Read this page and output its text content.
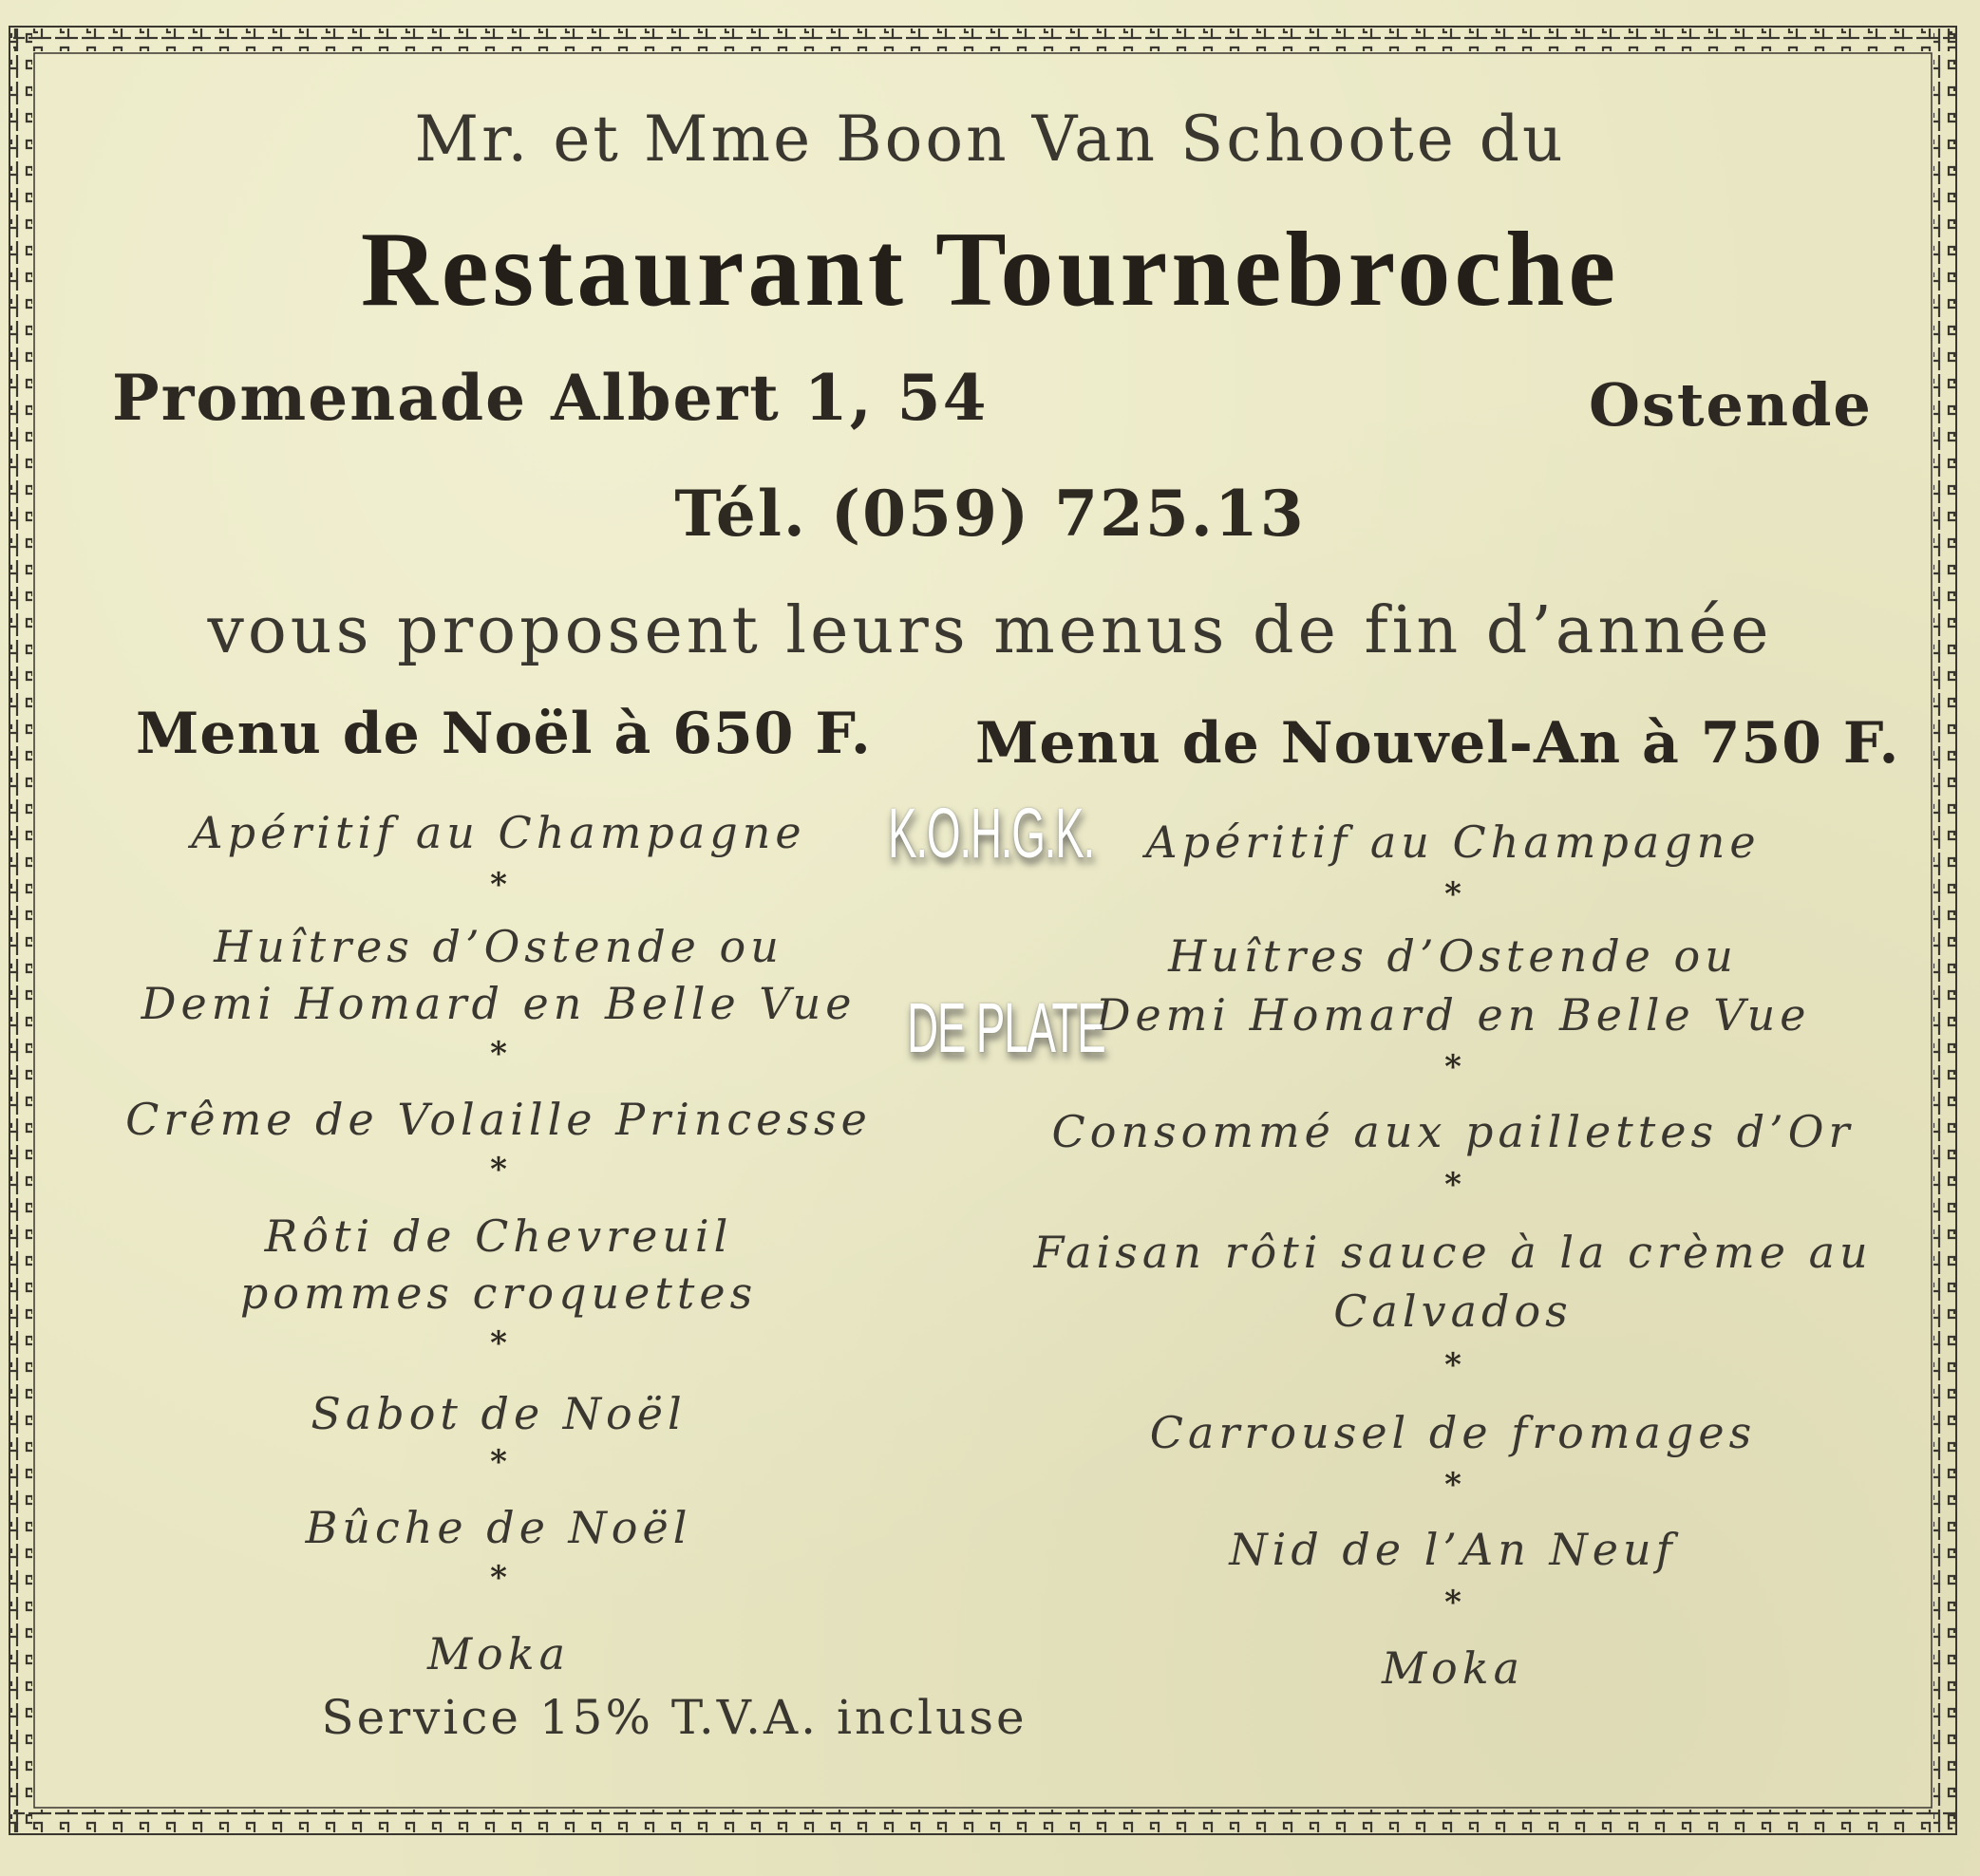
Mr. et Mme Boon Van Schoote du
Restaurant Tournebroche
Promenade Albert 1, 54	Ostende
Tél. (059) 725.13
vous proposent leurs menus de fin d’année
Menu de Noël à 650 F.
Apéritif au Champagne
*
Huîtres d’Ostende ou
Demi Homard en Belle Vue
*
Crême de Volaille Princesse
*
Rôti de Chevreuil
pommes croquettes
*
Sabot de Noël
*
Bûche de Noël
*
Moka
Menu de Nouvel-An à 750 F.
Apéritif au Champagne
*
Huîtres d’Ostende ou
Demi Homard en Belle Vue
*
Consommé aux paillettes d’Or
*
Faisan rôti sauce à la crème au
Calvados
*
Carrousel de fromages
*
Nid de l’An Neuf
*
Moka
Service 15% T.V.A. incluse
K.O.H.G.K.
DE PLATE
